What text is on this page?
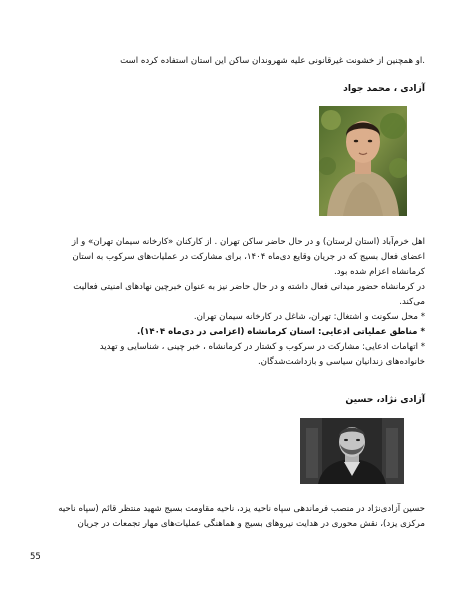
.او همچنین از خشونت غیرقانونی علیه شهروندان ساکن این استان استفاده کرده است
آزادی ، محمد جواد
اهل خرم‌آباد (استان لرستان) و در حال حاضر ساکن تهران . از کارکنان «کارخانه سیمان تهران» و از
اعضای فعال بسیج که در جریان وقایع دی‌ماه ۱۴۰۴، برای مشارکت در عملیات‌های سرکوب به استان
کرمانشاه اعزام شده بود.
در کرمانشاه حضور میدانی فعال داشته و در حال حاضر نیز به عنوان خبرچین نهادهای امنیتی فعالیت
می‌کند.
* محل سکونت و اشتغال: تهران، شاغل در کارخانه سیمان تهران.
* مناطق عملیاتی ادعایی: استان کرمانشاه (اعزامی در دی‌ماه ۱۴۰۴).
* اتهامات ادعایی: مشارکت در سرکوب و کشتار در کرمانشاه ، خبر چینی ، شناسایی و تهدید
خانواده‌های زندانیان سیاسی و بازداشت‌شدگان.
آزادی نژاد، حسین
حسین آزادی‌نژاد در منصب فرماندهی سپاه ناحیه یزد، ناحیه مقاومت بسیج شهید منتظر قائم (سپاه ناحیه
مرکزی یزد)، نقش محوری در هدایت نیروهای بسیج و هماهنگی عملیات‌های مهار تجمعات در جریان
55
